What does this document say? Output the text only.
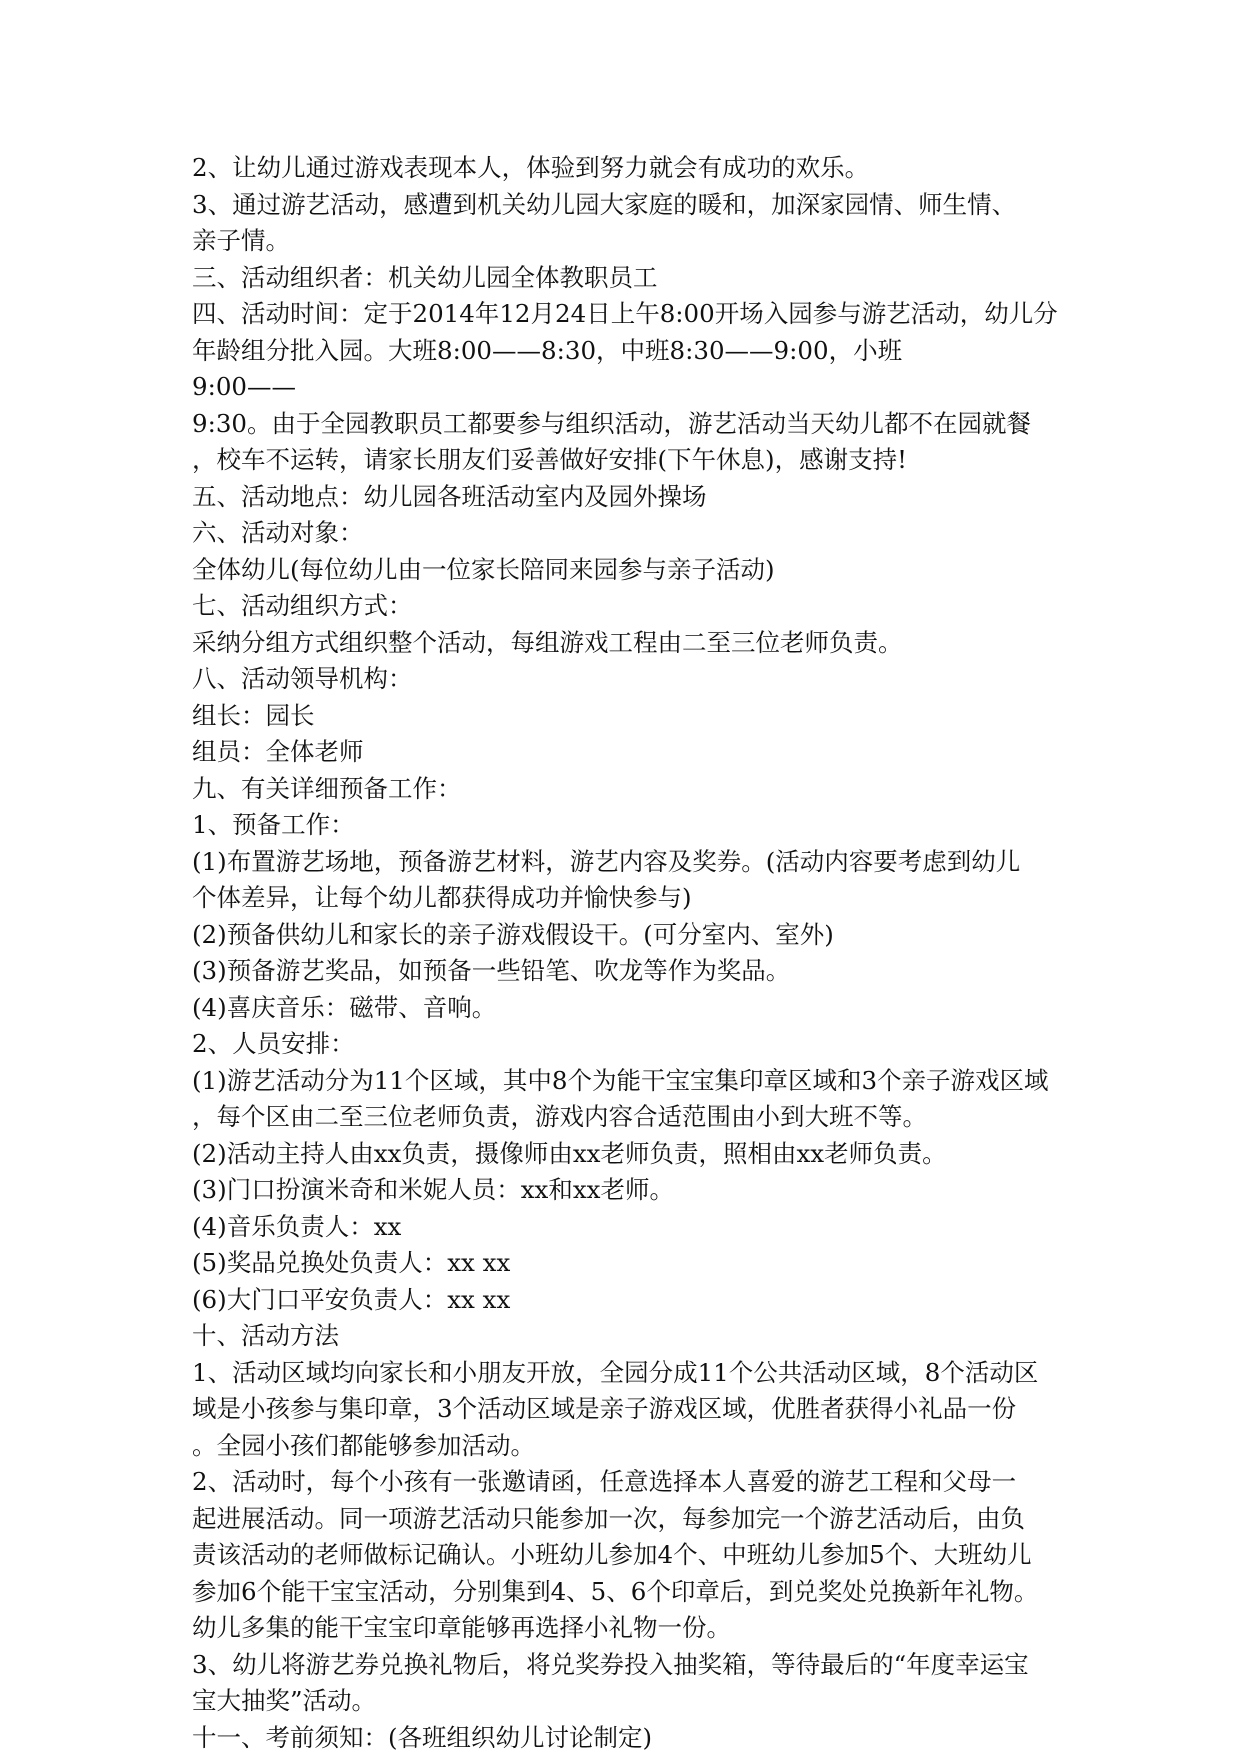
2、让幼儿通过游戏表现本人，体验到努力就会有成功的欢乐。
3、通过游艺活动，感遭到机关幼儿园大家庭的暖和，加深家园情、师生情、
亲子情。
三、活动组织者：机关幼儿园全体教职员工
四、活动时间：定于2014年12月24日上午8:00开场入园参与游艺活动，幼儿分
年龄组分批入园。大班8:00——8:30，中班8:30——9:00，小班
9:00——
9:30。由于全园教职员工都要参与组织活动，游艺活动当天幼儿都不在园就餐
，校车不运转，请家长朋友们妥善做好安排(下午休息)，感谢支持!
五、活动地点：幼儿园各班活动室内及园外操场
六、活动对象：
全体幼儿(每位幼儿由一位家长陪同来园参与亲子活动)
七、活动组织方式：
采纳分组方式组织整个活动，每组游戏工程由二至三位老师负责。
八、活动领导机构：
组长：园长
组员：全体老师
九、有关详细预备工作：
1、预备工作：
(1)布置游艺场地，预备游艺材料，游艺内容及奖券。(活动内容要考虑到幼儿
个体差异，让每个幼儿都获得成功并愉快参与)
(2)预备供幼儿和家长的亲子游戏假设干。(可分室内、室外)
(3)预备游艺奖品，如预备一些铅笔、吹龙等作为奖品。
(4)喜庆音乐：磁带、音响。
2、人员安排：
(1)游艺活动分为11个区域，其中8个为能干宝宝集印章区域和3个亲子游戏区域
，每个区由二至三位老师负责，游戏内容合适范围由小到大班不等。
(2)活动主持人由xx负责，摄像师由xx老师负责，照相由xx老师负责。
(3)门口扮演米奇和米妮人员：xx和xx老师。
(4)音乐负责人：xx
(5)奖品兑换处负责人：xx xx
(6)大门口平安负责人：xx xx
十、活动方法
1、活动区域均向家长和小朋友开放，全园分成11个公共活动区域，8个活动区
域是小孩参与集印章，3个活动区域是亲子游戏区域，优胜者获得小礼品一份
。全园小孩们都能够参加活动。
2、活动时，每个小孩有一张邀请函，任意选择本人喜爱的游艺工程和父母一
起进展活动。同一项游艺活动只能参加一次，每参加完一个游艺活动后，由负
责该活动的老师做标记确认。小班幼儿参加4个、中班幼儿参加5个、大班幼儿
参加6个能干宝宝活动，分别集到4、5、6个印章后，到兑奖处兑换新年礼物。
幼儿多集的能干宝宝印章能够再选择小礼物一份。
3、幼儿将游艺券兑换礼物后，将兑奖券投入抽奖箱，等待最后的“年度幸运宝
宝大抽奖”活动。
十一、考前须知：(各班组织幼儿讨论制定)
